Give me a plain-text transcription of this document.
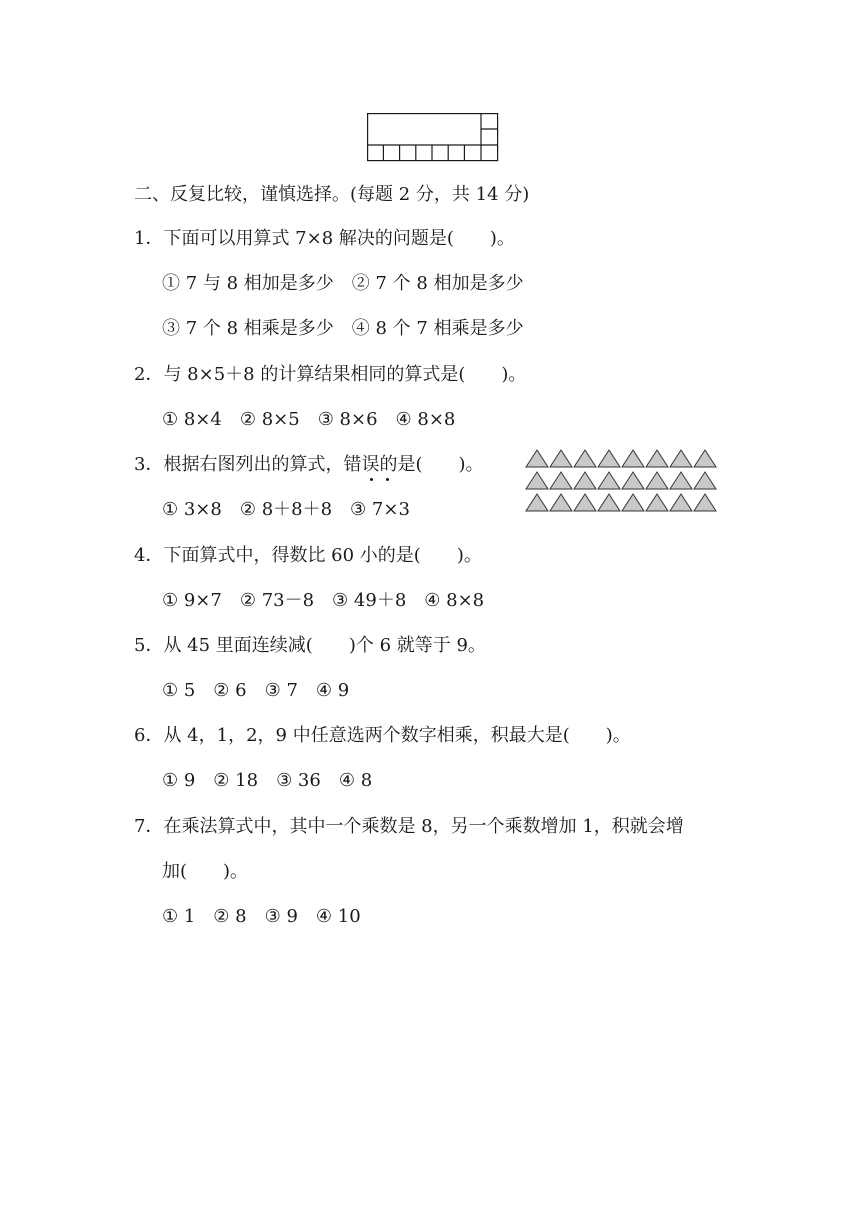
二、反复比较，谨慎选择。(每题 2 分，共 14 分)
1．下面可以用算式 7×8 解决的问题是(　　)。
① 7 与 8 相加是多少　② 7 个 8 相加是多少
③ 7 个 8 相乘是多少　④ 8 个 7 相乘是多少
2．与 8×5＋8 的计算结果相同的算式是(　　)。
① 8×4　② 8×5　③ 8×6　④ 8×8
3．根据右图列出的算式，错误的是(　　)。
① 3×8　② 8＋8＋8　③ 7×3
4．下面算式中，得数比 60 小的是(　　)。
① 9×7　② 73－8　③ 49＋8　④ 8×8
5．从 45 里面连续减(　　)个 6 就等于 9。
① 5　② 6　③ 7　④ 9
6．从 4，1，2，9 中任意选两个数字相乘，积最大是(　　)。
① 9　② 18　③ 36　④ 8
7．在乘法算式中，其中一个乘数是 8，另一个乘数增加 1，积就会增
加(　　)。
① 1　② 8　③ 9　④ 10
